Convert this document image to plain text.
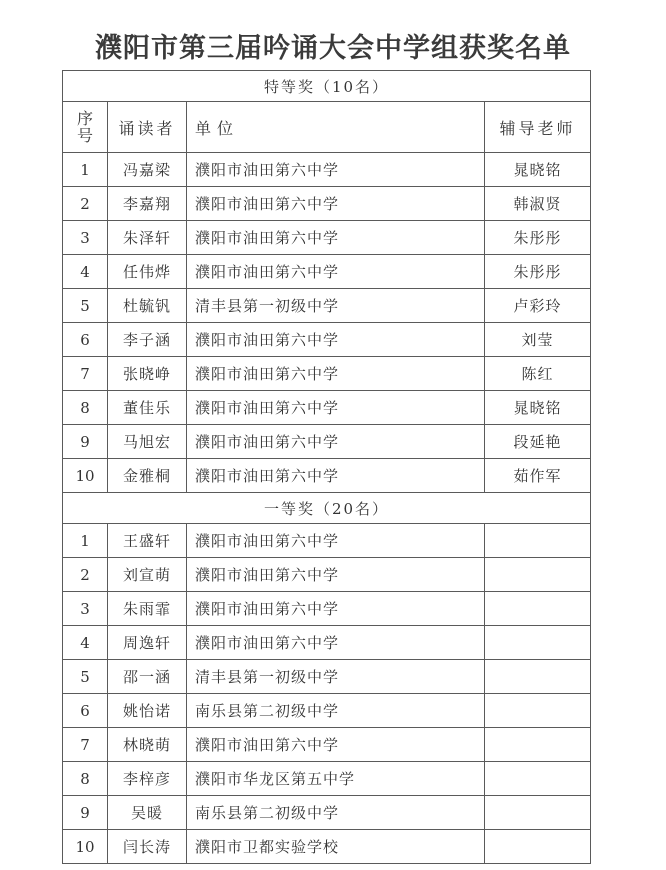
濮阳市第三届吟诵大会中学组获奖名单
特等奖（10名）			

序
号	诵读者	单位	辅导老师
1	冯嘉梁	濮阳市油田第六中学	晁晓铭
2	李嘉翔	濮阳市油田第六中学	韩淑贤
3	朱泽轩	濮阳市油田第六中学	朱彤彤
4	任伟烨	濮阳市油田第六中学	朱彤彤
5	杜毓钒	清丰县第一初级中学	卢彩玲
6	李子涵	濮阳市油田第六中学	刘莹
7	张晓峥	濮阳市油田第六中学	陈红
8	董佳乐	濮阳市油田第六中学	晁晓铭
9	马旭宏	濮阳市油田第六中学	段延艳
10	金雅桐	濮阳市油田第六中学	茹作军
一等奖（20名）			
1	王盛轩	濮阳市油田第六中学	
2	刘宣萌	濮阳市油田第六中学	
3	朱雨霏	濮阳市油田第六中学	
4	周逸轩	濮阳市油田第六中学	
5	邵一涵	清丰县第一初级中学	
6	姚怡诺	南乐县第二初级中学	
7	林晓萌	濮阳市油田第六中学	
8	李梓彦	濮阳市华龙区第五中学	
9	吴暖	南乐县第二初级中学	
10	闫长涛	濮阳市卫都实验学校	
